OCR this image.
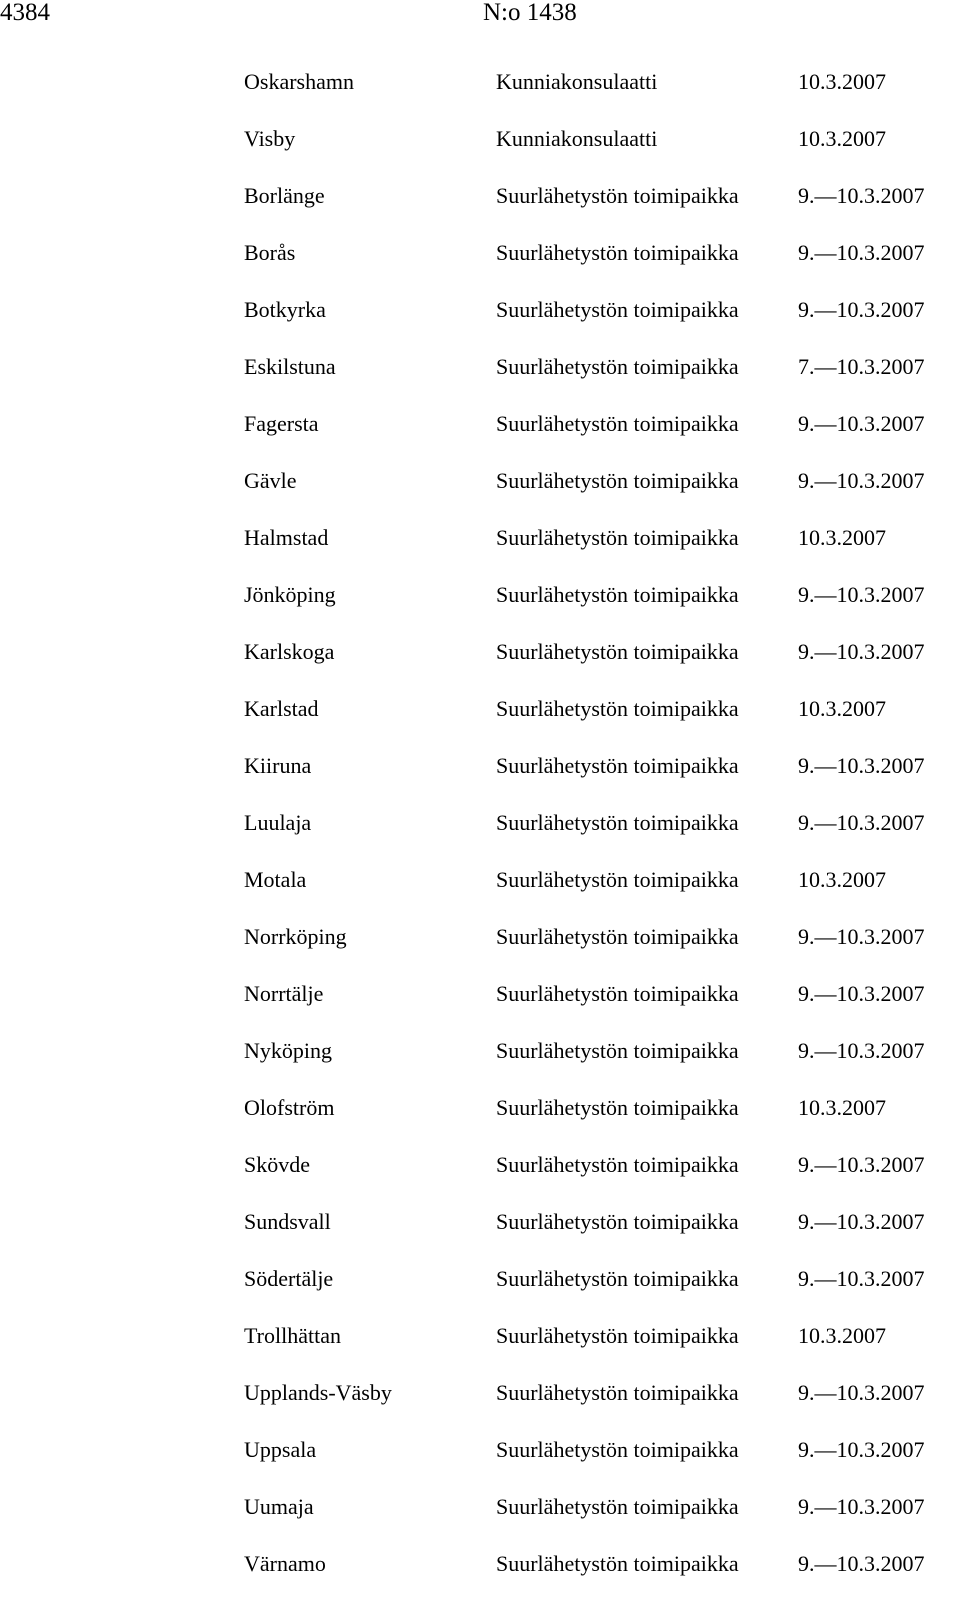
4384	N:o 1438
Oskarshamn	Kunniakonsulaatti	10.3.2007
Visby	Kunniakonsulaatti	10.3.2007
Borlänge	Suurlähetystön toimipaikka	9.—10.3.2007
Borås	Suurlähetystön toimipaikka	9.—10.3.2007
Botkyrka	Suurlähetystön toimipaikka	9.—10.3.2007
Eskilstuna	Suurlähetystön toimipaikka	7.—10.3.2007
Fagersta	Suurlähetystön toimipaikka	9.—10.3.2007
Gävle	Suurlähetystön toimipaikka	9.—10.3.2007
Halmstad	Suurlähetystön toimipaikka	10.3.2007
Jönköping	Suurlähetystön toimipaikka	9.—10.3.2007
Karlskoga	Suurlähetystön toimipaikka	9.—10.3.2007
Karlstad	Suurlähetystön toimipaikka	10.3.2007
Kiiruna	Suurlähetystön toimipaikka	9.—10.3.2007
Luulaja	Suurlähetystön toimipaikka	9.—10.3.2007
Motala	Suurlähetystön toimipaikka	10.3.2007
Norrköping	Suurlähetystön toimipaikka	9.—10.3.2007
Norrtälje	Suurlähetystön toimipaikka	9.—10.3.2007
Nyköping	Suurlähetystön toimipaikka	9.—10.3.2007
Olofström	Suurlähetystön toimipaikka	10.3.2007
Skövde	Suurlähetystön toimipaikka	9.—10.3.2007
Sundsvall	Suurlähetystön toimipaikka	9.—10.3.2007
Södertälje	Suurlähetystön toimipaikka	9.—10.3.2007
Trollhättan	Suurlähetystön toimipaikka	10.3.2007
Upplands-Väsby	Suurlähetystön toimipaikka	9.—10.3.2007
Uppsala	Suurlähetystön toimipaikka	9.—10.3.2007
Uumaja	Suurlähetystön toimipaikka	9.—10.3.2007
Värnamo	Suurlähetystön toimipaikka	9.—10.3.2007
